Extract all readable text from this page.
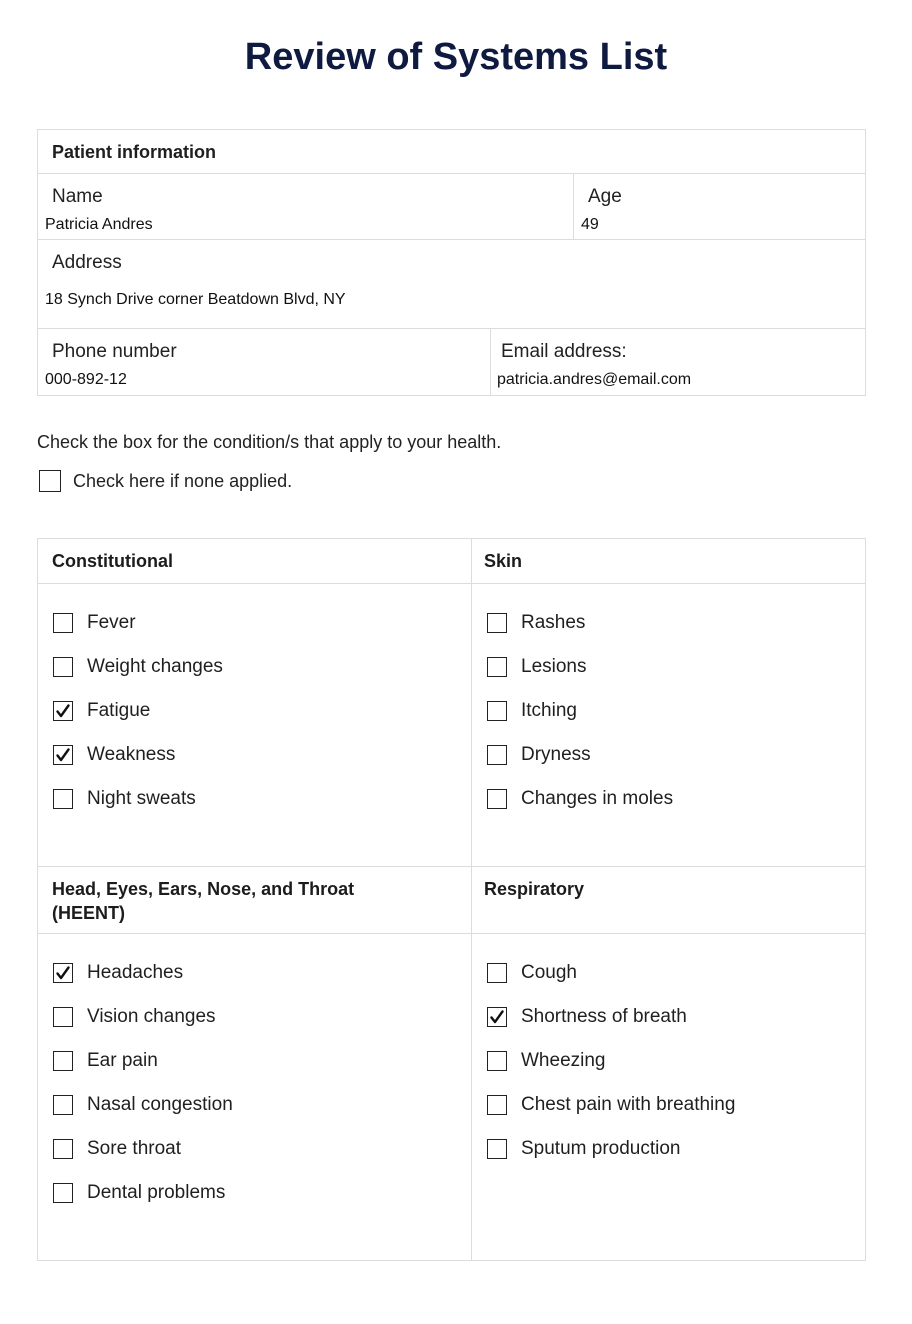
Review of Systems List
Patient information
Name
Patricia Andres
Age
49
Address
18 Synch Drive corner Beatdown Blvd, NY
Phone number
000-892-12
Email address:
patricia.andres@email.com
Check the box for the condition/s that apply to your health.
Check here if none applied.
Constitutional	Skin
Head, Eyes, Ears, Nose, and Throat
(HEENT)
Respiratory
Fever
Weight changes
Fatigue
Weakness
Night sweats
Rashes
Lesions
Itching
Dryness
Changes in moles
Headaches
Vision changes
Ear pain
Nasal congestion
Sore throat
Dental problems
Cough
Shortness of breath
Wheezing
Chest pain with breathing
Sputum production
